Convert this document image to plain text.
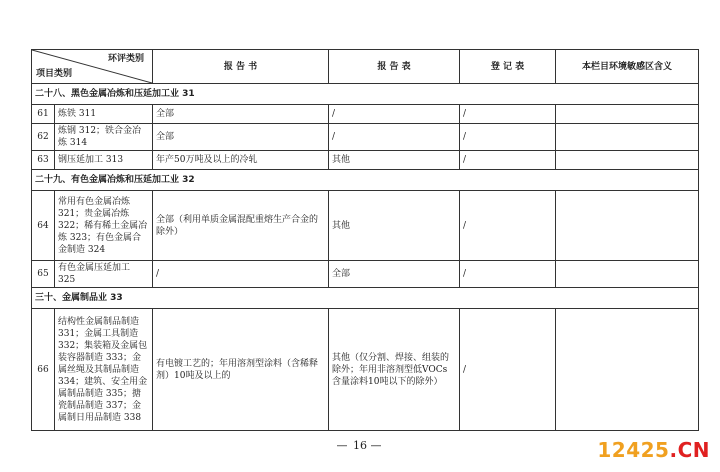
环评类别
项目类别		报 告 书	报 告 表	登 记 表	本栏目环境敏感区含义
二十八、黑色金属冶炼和压延加工业 31					
61	炼铁 311	全部	/	/	
62	炼钢 312；铁合金冶炼 314	全部	/	/	
63	钢压延加工 313	年产50万吨及以上的冷轧	其他	/	
二十九、有色金属冶炼和压延加工业 32					
64	常用有色金属冶炼 321；贵金属冶炼 322；稀有稀土金属冶炼 323；有色金属合金制造 324	全部（利用单质金属混配重熔生产合金的除外）	其他	/	
65	有色金属压延加工 325	/	全部	/	
三十、金属制品业 33					
66	结构性金属制品制造 331；金属工具制造 332；集装箱及金属包装容器制造 333；金属丝绳及其制品制造 334；建筑、安全用金属制品制造 335；搪瓷制品制造 337；金属制日用品制造 338	有电镀工艺的；年用溶剂型涂料（含稀释剂）10吨及以上的	其他（仅分割、焊接、组装的除外；年用非溶剂型低VOCs含量涂料10吨以下的除外）	/	
— 16 —	12425.CN
